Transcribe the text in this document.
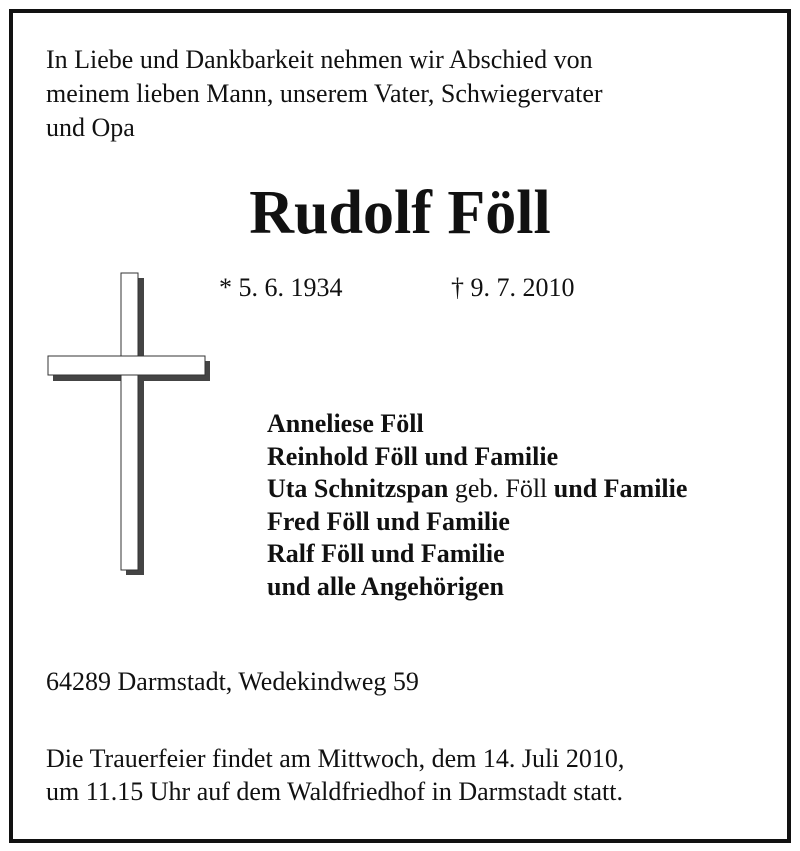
In Liebe und Dankbarkeit nehmen wir Abschied von
meinem lieben Mann, unserem Vater, Schwiegervater
und Opa
Rudolf Föll
* 5. 6. 1934	† 9. 7. 2010
Anneliese Föll
Reinhold Föll und Familie
Uta Schnitzspan geb. Föll und Familie
Fred Föll und Familie
Ralf Föll und Familie
und alle Angehörigen
64289 Darmstadt, Wedekindweg 59
Die Trauerfeier findet am Mittwoch, dem 14. Juli 2010,
um 11.15 Uhr auf dem Waldfriedhof in Darmstadt statt.
